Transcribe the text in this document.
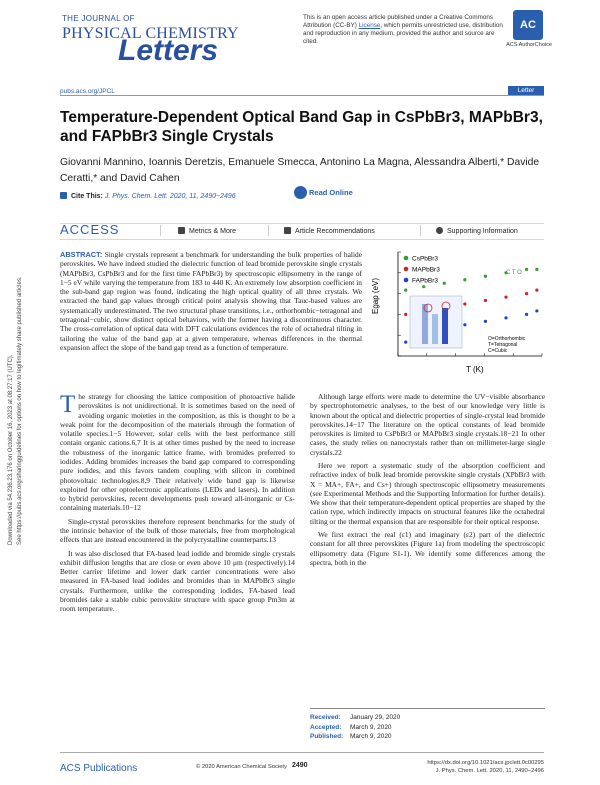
Downloaded via 54.236.23.176 on October 16, 2023 at 08:27:17 (UTC). See https://pubs.acs.org/sharingguidelines for options on how to legitimately share published articles.
THE JOURNAL OF
PHYSICAL CHEMISTRY
Letters
This is an open access article published under a Creative Commons Attribution (CC-BY) License, which permits unrestricted use, distribution and reproduction in any medium, provided the author and source are cited.
AC
ACS AuthorChoice
pubs.acs.org/JPCL	Letter
Temperature-Dependent Optical Band Gap in CsPbBr3, MAPbBr3, and FAPbBr3 Single Crystals
Giovanni Mannino, Ioannis Deretzis, Emanuele Smecca, Antonino La Magna, Alessandra Alberti,* Davide Ceratti,* and David Cahen
Cite This: J. Phys. Chem. Lett. 2020, 11, 2490−2496	Read Online
ACCESS	Metrics & More	Article Recommendations	Supporting Information
ABSTRACT: Single crystals represent a benchmark for understanding the bulk properties of halide perovskites. We have indeed studied the dielectric function of lead bromide perovskite single crystals (MAPbBr3, CsPbBr3 and for the first time FAPbBr3) by spectroscopic ellipsometry in the range of 1−5 eV while varying the temperature from 183 to 440 K. An extremely low absorption coefficient in the sub-band gap region was found, indicating the high optical quality of all three crystals. We extracted the band gap values through critical point analysis showing that Tauc-based values are systematically underestimated. The two structural phase transitions, i.e., orthorhombic−tetragonal and tetragonal−cubic, show distinct optical behaviors, with the former having a discontinuous character. The cross-correlation of optical data with DFT calculations evidences the role of octahedral tilting in tailoring the value of the band gap at a given temperature, whereas differences in the thermal expansion affect the slope of the band gap trend as a function of temperature.
CsPbBr3
MAPbBr3
FAPbBr3
C T O
O=Orthorhombic
T=Tetragonal
C=Cubic
Egap (eV)
T (K)

The strategy for choosing the lattice composition of photoactive halide perovskites is not unidirectional. It is sometimes based on the need of avoiding organic moieties in the composition, as this is thought to be a weak point for the decomposition of the materials through the formation of volatile species.1−5 However, solar cells with the best performance still contain organic cations.6,7 It is at other times pushed by the need to increase the robustness of the inorganic lattice frame, with bromides preferred to iodides. Adding bromides increases the band gap compared to corresponding pure iodides, and this favors tandem coupling with silicon in combined photovoltaic technologies.8,9 Their relatively wide band gap is likewise exploited for other optoelectronic applications (LEDs and lasers). In addition to hybrid perovskites, recent developments push toward all-inorganic or Cs-containing materials.10−12

Single-crystal perovskites therefore represent benchmarks for the study of the intrinsic behavior of the bulk of those materials, free from morphological effects that are instead encountered in the polycrystalline counterparts.13

It was also disclosed that FA-based lead iodide and bromide single crystals exhibit diffusion lengths that are close or even above 10 μm (respectively).14 Better carrier lifetime and lower dark carrier concentrations were also measured in FA-based lead iodides and bromides than in MAPbBr3 single crystals. Furthermore, unlike the corresponding iodides, FA-based lead bromides take a stable cubic perovskite structure with space group Pm3m at room temperature.

Although large efforts were made to determine the UV−visible absorbance by spectrophotometric analyses, to the best of our knowledge very little is known about the optical and dielectric properties of single-crystal lead bromide perovskites.14−17 The literature on the optical constants of lead bromide perovskites is limited to CsPbBr3 or MAPbBr3 single crystals.18−21 In other cases, the study relies on nanocrystals rather than on millimeter-large single crystals.22

Here we report a systematic study of the absorption coefficient and refractive index of bulk lead bromide perovskite single crystals (XPbBr3 with X = MA+, FA+, and Cs+) through spectroscopic ellipsometry measurements (see Experimental Methods and the Supporting Information for further details). We show that their temperature-dependent optical properties are shaped by the cation type, which indirectly impacts on structural features like the octahedral tilting or the thermal expansion that are responsible for their optical response.

We first extract the real (ε1) and imaginary (ε2) part of the dielectric constant for all three perovskites (Figure 1a) from modeling the spectroscopic ellipsometry data (Figure S1-1). We identify some differences among the spectra, both in the

Received: January 29, 2020
Accepted: March 9, 2020
Published: March 9, 2020
ACS Publications	© 2020 American Chemical Society 2490	https://dx.doi.org/10.1021/acs.jpclett.0c00295
J. Phys. Chem. Lett. 2020, 11, 2490−2496
